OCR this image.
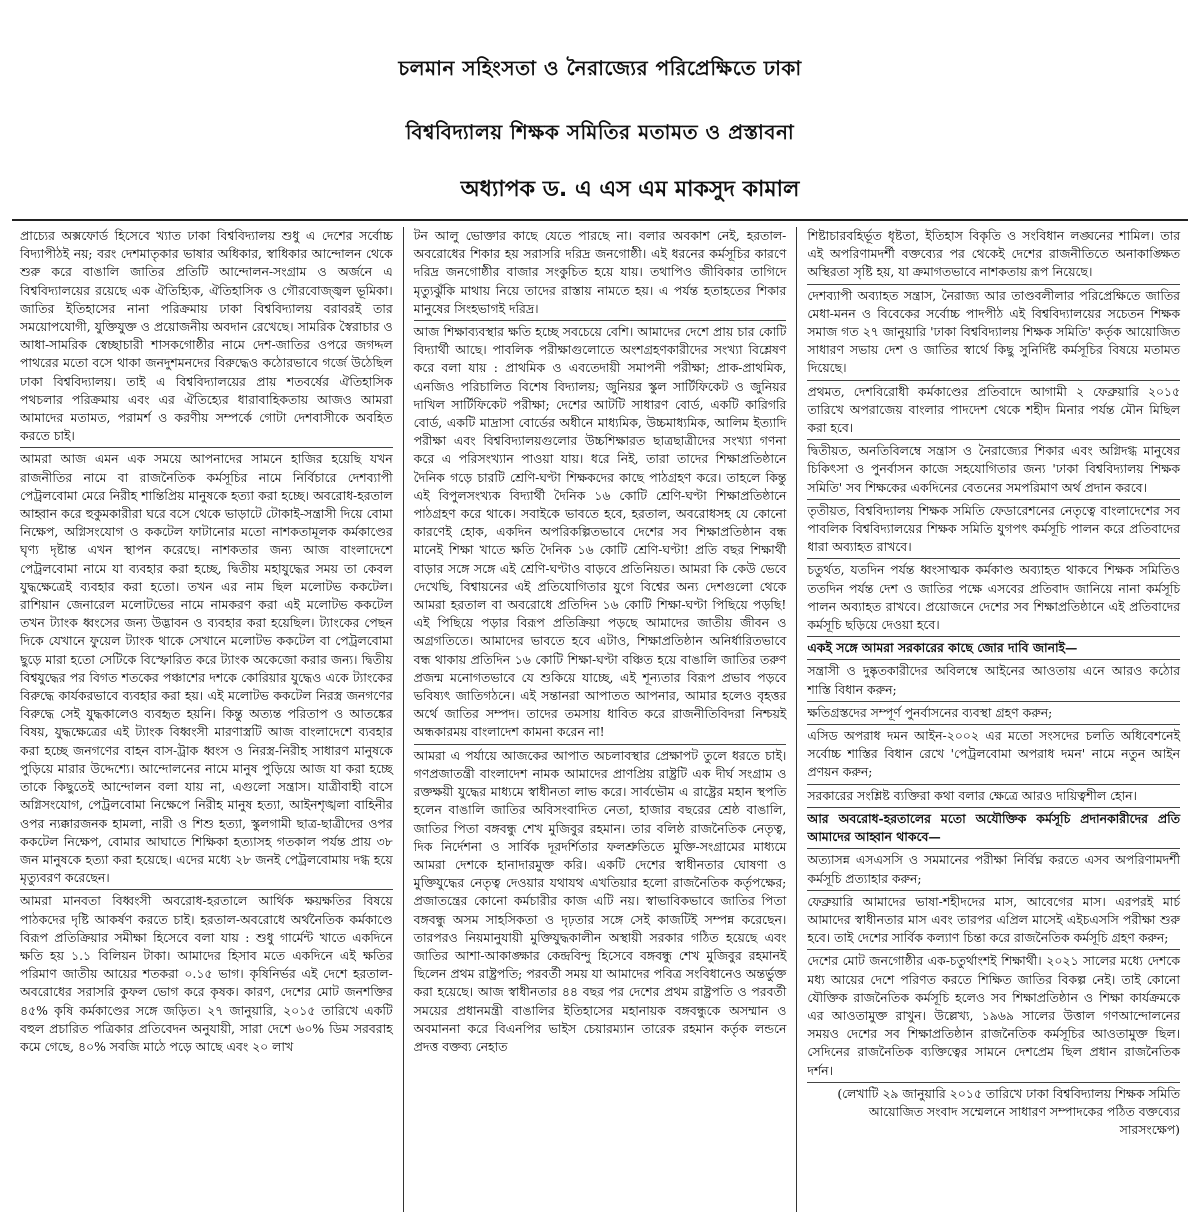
চলমান সহিংসতা ও নৈরাজ্যের পরিপ্রেক্ষিতে ঢাকা
বিশ্ববিদ্যালয় শিক্ষক সমিতির মতামত ও প্রস্তাবনা
অধ্যাপক ড. এ এস এম মাকসুদ কামাল

প্রাচ্যের অক্সফোর্ড হিসেবে খ্যাত ঢাকা বিশ্ববিদ্যালয় শুধু এ দেশের সর্বোচ্চ বিদ্যাপীঠই নয়; বরং দেশমাতৃকার ভাষার অধিকার, স্বাধিকার আন্দোলন থেকে শুরু করে বাঙালি জাতির প্রতিটি আন্দোলন-সংগ্রাম ও অর্জনে এ বিশ্ববিদ্যালয়ের রয়েছে এক ঐতিহ্যিক, ঐতিহাসিক ও গৌরবোজ্জ্বল ভূমিকা। জাতির ইতিহাসের নানা পরিক্রমায় ঢাকা বিশ্ববিদ্যালয় বরাবরই তার সময়োপযোগী, যুক্তিযুক্ত ও প্রয়োজনীয় অবদান রেখেছে। সামরিক স্বৈরাচার ও আধা-সামরিক স্বেচ্ছাচারী শাসকগোষ্ঠীর নামে দেশ-জাতির ওপরে জগদ্দল পাথরের মতো বসে থাকা জনদুশমনদের বিরুদ্ধেও কঠোরভাবে গর্জে উঠেছিল ঢাকা বিশ্ববিদ্যালয়। তাই এ বিশ্ববিদ্যালয়ের প্রায় শতবর্ষের ঐতিহাসিক পথচলার পরিক্রমায় এবং এর ঐতিহ্যের ধারাবাহিকতায় আজও আমরা আমাদের মতামত, পরামর্শ ও করণীয় সম্পর্কে গোটা দেশবাসীকে অবহিত করতে চাই।

আমরা আজ এমন এক সময়ে আপনাদের সামনে হাজির হয়েছি যখন রাজনীতির নামে বা রাজনৈতিক কর্মসূচির নামে নির্বিচারে দেশব্যাপী পেট্রলবোমা মেরে নিরীহ শান্তিপ্রিয় মানুষকে হত্যা করা হচ্ছে। অবরোধ-হরতাল আহ্বান করে হুকুমকারীরা ঘরে বসে থেকে ভাড়াটে টোকাই-সন্ত্রাসী দিয়ে বোমা নিক্ষেপ, অগ্নিসংযোগ ও ককটেল ফাটানোর মতো নাশকতামূলক কর্মকাণ্ডের ঘৃণ্য দৃষ্টান্ত এখন স্থাপন করেছে। নাশকতার জন্য আজ বাংলাদেশে পেট্রলবোমা নামে যা ব্যবহার করা হচ্ছে, দ্বিতীয় মহাযুদ্ধের সময় তা কেবল যুদ্ধক্ষেত্রেই ব্যবহার করা হতো। তখন এর নাম ছিল মলোটভ ককটেল। রাশিয়ান জেনারেল মলোটভের নামে নামকরণ করা এই মলোটভ ককটেল তখন ট্যাংক ধ্বংসের জন্য উদ্ভাবন ও ব্যবহার করা হয়েছিল। ট্যাংকের পেছন দিকে যেখানে ফুয়েল ট্যাংক থাকে সেখানে মলোটভ ককটেল বা পেট্রলবোমা ছুড়ে মারা হতো সেটিকে বিস্ফোরিত করে ট্যাংক অকেজো করার জন্য। দ্বিতীয় বিশ্বযুদ্ধের পর বিগত শতকের পঞ্চাশের দশকে কোরিয়ার যুদ্ধেও একে ট্যাংকের বিরুদ্ধে কার্যকরভাবে ব্যবহার করা হয়। এই মলোটভ ককটেল নিরস্ত্র জনগণের বিরুদ্ধে সেই যুদ্ধকালেও ব্যবহৃত হয়নি। কিন্তু অত্যন্ত পরিতাপ ও আতঙ্কের বিষয়, যুদ্ধক্ষেত্রের এই ট্যাংক বিধ্বংসী মারণাস্ত্রটি আজ বাংলাদেশে ব্যবহার করা হচ্ছে জনগণের বাহন বাস-ট্রাক ধ্বংস ও নিরস্ত্র-নিরীহ সাধারণ মানুষকে পুড়িয়ে মারার উদ্দেশ্যে। আন্দোলনের নামে মানুষ পুড়িয়ে আজ যা করা হচ্ছে তাকে কিছুতেই আন্দোলন বলা যায় না, এগুলো সন্ত্রাস। যাত্রীবাহী বাসে অগ্নিসংযোগ, পেট্রলবোমা নিক্ষেপে নিরীহ মানুষ হত্যা, আইনশৃঙ্খলা বাহিনীর ওপর ন্যক্কারজনক হামলা, নারী ও শিশু হত্যা, স্কুলগামী ছাত্র-ছাত্রীদের ওপর ককটেল নিক্ষেপ, বোমার আঘাতে শিক্ষিকা হত্যাসহ গতকাল পর্যন্ত প্রায় ৩৮ জন মানুষকে হত্যা করা হয়েছে। এদের মধ্যে ২৮ জনই পেট্রলবোমায় দগ্ধ হয়ে মৃত্যুবরণ করেছেন।

আমরা মানবতা বিধ্বংসী অবরোধ-হরতালে আর্থিক ক্ষয়ক্ষতির বিষয়ে পাঠকদের দৃষ্টি আকর্ষণ করতে চাই। হরতাল-অবরোধে অর্থনৈতিক কর্মকাণ্ডে বিরূপ প্রতিক্রিয়ার সমীক্ষা হিসেবে বলা যায় : শুধু গার্মেন্ট খাতে একদিনে ক্ষতি হয় ১.১ বিলিয়ন টাকা। আমাদের হিসাব মতে একদিনে এই ক্ষতির পরিমাণ জাতীয় আয়ের শতকরা ০.১৫ ভাগ। কৃষিনির্ভর এই দেশে হরতাল-অবরোধের সরাসরি কুফল ভোগ করে কৃষক। কারণ, দেশের মোট জনশক্তির ৪৫% কৃষি কর্মকাণ্ডের সঙ্গে জড়িত। ২৭ জানুয়ারি, ২০১৫ তারিখে একটি বহুল প্রচারিত পত্রিকার প্রতিবেদন অনুযায়ী, সারা দেশে ৬০% ডিম সরবরাহ কমে গেছে, ৪০% সবজি মাঠে পড়ে আছে এবং ২০ লাখ

টন আলু ভোক্তার কাছে যেতে পারছে না। বলার অবকাশ নেই, হরতাল-অবরোধের শিকার হয় সরাসরি দরিদ্র জনগোষ্ঠী। এই ধরনের কর্মসূচির কারণে দরিদ্র জনগোষ্ঠীর বাজার সংকুচিত হয়ে যায়। তথাপিও জীবিকার তাগিদে মৃত্যুঝুঁকি মাথায় নিয়ে তাদের রাস্তায় নামতে হয়। এ পর্যন্ত হতাহতের শিকার মানুষের সিংহভাগই দরিদ্র।

আজ শিক্ষাব্যবস্থার ক্ষতি হচ্ছে সবচেয়ে বেশি। আমাদের দেশে প্রায় চার কোটি বিদ্যার্থী আছে। পাবলিক পরীক্ষাগুলোতে অংশগ্রহণকারীদের সংখ্যা বিশ্লেষণ করে বলা যায় : প্রাথমিক ও এবতেদায়ী সমাপনী পরীক্ষা; প্রাক-প্রাথমিক, এনজিও পরিচালিত বিশেষ বিদ্যালয়; জুনিয়র স্কুল সার্টিফিকেট ও জুনিয়র দাখিল সার্টিফিকেট পরীক্ষা; দেশের আটটি সাধারণ বোর্ড, একটি কারিগরি বোর্ড, একটি মাদ্রাসা বোর্ডের অধীনে মাধ্যমিক, উচ্চমাধ্যমিক, আলিম ইত্যাদি পরীক্ষা এবং বিশ্ববিদ্যালয়গুলোর উচ্চশিক্ষারত ছাত্রছাত্রীদের সংখ্যা গণনা করে এ পরিসংখ্যান পাওয়া যায়। ধরে নিই, তারা তাদের শিক্ষাপ্রতিষ্ঠানে দৈনিক গড়ে চারটি শ্রেণি-ঘণ্টা শিক্ষকদের কাছে পাঠগ্রহণ করে। তাহলে কিন্তু এই বিপুলসংখ্যক বিদ্যার্থী দৈনিক ১৬ কোটি শ্রেণি-ঘণ্টা শিক্ষাপ্রতিষ্ঠানে পাঠগ্রহণ করে থাকে। সবাইকে ভাবতে হবে, হরতাল, অবরোধসহ যে কোনো কারণেই হোক, একদিন অপরিকল্পিতভাবে দেশের সব শিক্ষাপ্রতিষ্ঠান বন্ধ মানেই শিক্ষা খাতে ক্ষতি দৈনিক ১৬ কোটি শ্রেণি-ঘণ্টা! প্রতি বছর শিক্ষার্থী বাড়ার সঙ্গে সঙ্গে এই শ্রেণি-ঘণ্টাও বাড়বে প্রতিনিয়ত। আমরা কি কেউ ভেবে দেখেছি, বিশ্বায়নের এই প্রতিযোগিতার যুগে বিশ্বের অন্য দেশগুলো থেকে আমরা হরতাল বা অবরোধে প্রতিদিন ১৬ কোটি শিক্ষা-ঘণ্টা পিছিয়ে পড়ছি! এই পিছিয়ে পড়ার বিরূপ প্রতিক্রিয়া পড়ছে আমাদের জাতীয় জীবন ও অগ্রগতিতে। আমাদের ভাবতে হবে এটাও, শিক্ষাপ্রতিষ্ঠান অনির্ধারিতভাবে বন্ধ থাকায় প্রতিদিন ১৬ কোটি শিক্ষা-ঘণ্টা বঞ্চিত হয়ে বাঙালি জাতির তরুণ প্রজন্ম মনোগতভাবে যে শুকিয়ে যাচ্ছে, এই শূন্যতার বিরূপ প্রভাব পড়বে ভবিষ্যৎ জাতিগঠনে। এই সন্তানরা আপাতত আপনার, আমার হলেও বৃহত্তর অর্থে জাতির সম্পদ। তাদের তমসায় ধাবিত করে রাজনীতিবিদরা নিশ্চয়ই অন্ধকারময় বাংলাদেশ কামনা করেন না!

আমরা এ পর্যায়ে আজকের আপাত অচলাবস্থার প্রেক্ষাপট তুলে ধরতে চাই। গণপ্রজাতন্ত্রী বাংলাদেশ নামক আমাদের প্রাণপ্রিয় রাষ্ট্রটি এক দীর্ঘ সংগ্রাম ও রক্তক্ষয়ী যুদ্ধের মাধ্যমে স্বাধীনতা লাভ করে। সার্বভৌম এ রাষ্ট্রের মহান স্থপতি হলেন বাঙালি জাতির অবিসংবাদিত নেতা, হাজার বছরের শ্রেষ্ঠ বাঙালি, জাতির পিতা বঙ্গবন্ধু শেখ মুজিবুর রহমান। তার বলিষ্ঠ রাজনৈতিক নেতৃত্ব, দিক নির্দেশনা ও সার্বিক দূরদর্শিতার ফলশ্রুতিতে মুক্তি-সংগ্রামের মাধ্যমে আমরা দেশকে হানাদারমুক্ত করি। একটি দেশের স্বাধীনতার ঘোষণা ও মুক্তিযুদ্ধের নেতৃত্ব দেওয়ার যথাযথ এখতিয়ার হলো রাজনৈতিক কর্তৃপক্ষের; প্রজাতন্ত্রের কোনো কর্মচারীর কাজ এটি নয়। স্বাভাবিকভাবে জাতির পিতা বঙ্গবন্ধু অসম সাহসিকতা ও দৃঢ়তার সঙ্গে সেই কাজটিই সম্পন্ন করেছেন। তারপরও নিয়মানুযায়ী মুক্তিযুদ্ধকালীন অস্থায়ী সরকার গঠিত হয়েছে এবং জাতির আশা-আকাঙ্ক্ষার কেন্দ্রবিন্দু হিসেবে বঙ্গবন্ধু শেখ মুজিবুর রহমানই ছিলেন প্রথম রাষ্ট্রপতি; পরবর্তী সময় যা আমাদের পবিত্র সংবিধানেও অন্তর্ভুক্ত করা হয়েছে। আজ স্বাধীনতার ৪৪ বছর পর দেশের প্রথম রাষ্ট্রপতি ও পরবর্তী সময়ের প্রধানমন্ত্রী বাঙালির ইতিহাসের মহানায়ক বঙ্গবন্ধুকে অসম্মান ও অবমাননা করে বিএনপির ভাইস চেয়ারম্যান তারেক রহমান কর্তৃক লন্ডনে প্রদত্ত বক্তব্য নেহাত

শিষ্টাচারবহির্ভূত ধৃষ্টতা, ইতিহাস বিকৃতি ও সংবিধান লঙ্ঘনের শামিল। তার এই অপরিণামদর্শী বক্তব্যের পর থেকেই দেশের রাজনীতিতে অনাকাঙ্ক্ষিত অস্থিরতা সৃষ্টি হয়, যা ক্রমাগতভাবে নাশকতায় রূপ নিয়েছে।

দেশব্যাপী অব্যাহত সন্ত্রাস, নৈরাজ্য আর তাণ্ডবলীলার পরিপ্রেক্ষিতে জাতির মেধা-মনন ও বিবেকের সর্বোচ্চ পাদপীঠ এই বিশ্ববিদ্যালয়ের সচেতন শিক্ষক সমাজ গত ২৭ জানুয়ারি 'ঢাকা বিশ্ববিদ্যালয় শিক্ষক সমিতি' কর্তৃক আয়োজিত সাধারণ সভায় দেশ ও জাতির স্বার্থে কিছু সুনির্দিষ্ট কর্মসূচির বিষয়ে মতামত দিয়েছে।

প্রথমত, দেশবিরোধী কর্মকাণ্ডের প্রতিবাদে আগামী ২ ফেব্রুয়ারি ২০১৫ তারিখে অপরাজেয় বাংলার পাদদেশ থেকে শহীদ মিনার পর্যন্ত মৌন মিছিল করা হবে।

দ্বিতীয়ত, অনতিবিলম্বে সন্ত্রাস ও নৈরাজ্যের শিকার এবং অগ্নিদগ্ধ মানুষের চিকিৎসা ও পুনর্বাসন কাজে সহযোগিতার জন্য 'ঢাকা বিশ্ববিদ্যালয় শিক্ষক সমিতি' সব শিক্ষকের একদিনের বেতনের সমপরিমাণ অর্থ প্রদান করবে।

তৃতীয়ত, বিশ্ববিদ্যালয় শিক্ষক সমিতি ফেডারেশনের নেতৃত্বে বাংলাদেশের সব পাবলিক বিশ্ববিদ্যালয়ের শিক্ষক সমিতি যুগপৎ কর্মসূচি পালন করে প্রতিবাদের ধারা অব্যাহত রাখবে।

চতুর্থত, যতদিন পর্যন্ত ধ্বংসাত্মক কর্মকাণ্ড অব্যাহত থাকবে শিক্ষক সমিতিও ততদিন পর্যন্ত দেশ ও জাতির পক্ষে এসবের প্রতিবাদ জানিয়ে নানা কর্মসূচি পালন অব্যাহত রাখবে। প্রয়োজনে দেশের সব শিক্ষাপ্রতিষ্ঠানে এই প্রতিবাদের কর্মসূচি ছড়িয়ে দেওয়া হবে।

একই সঙ্গে আমরা সরকারের কাছে জোর দাবি জানাই—

সন্ত্রাসী ও দুষ্কৃতকারীদের অবিলম্বে আইনের আওতায় এনে আরও কঠোর শাস্তি বিধান করুন;

ক্ষতিগ্রস্তদের সম্পূর্ণ পুনর্বাসনের ব্যবস্থা গ্রহণ করুন;

এসিড অপরাধ দমন আইন-২০০২ এর মতো সংসদের চলতি অধিবেশনেই সর্বোচ্চ শাস্তির বিধান রেখে 'পেট্রলবোমা অপরাধ দমন' নামে নতুন আইন প্রণয়ন করুন;

সরকারের সংশ্লিষ্ট ব্যক্তিরা কথা বলার ক্ষেত্রে আরও দায়িত্বশীল হোন।

আর অবরোধ-হরতালের মতো অযৌক্তিক কর্মসূচি প্রদানকারীদের প্রতি আমাদের আহ্বান থাকবে—

অত্যাসন্ন এসএসসি ও সমমানের পরীক্ষা নির্বিঘ্ন করতে এসব অপরিণামদর্শী কর্মসূচি প্রত্যাহার করুন;

ফেব্রুয়ারি আমাদের ভাষা-শহীদদের মাস, আবেগের মাস। এরপরই মার্চ আমাদের স্বাধীনতার মাস এবং তারপর এপ্রিল মাসেই এইচএসসি পরীক্ষা শুরু হবে। তাই দেশের সার্বিক কল্যাণ চিন্তা করে রাজনৈতিক কর্মসূচি গ্রহণ করুন;

দেশের মোট জনগোষ্ঠীর এক-চতুর্থাংশই শিক্ষার্থী। ২০২১ সালের মধ্যে দেশকে মধ্য আয়ের দেশে পরিণত করতে শিক্ষিত জাতির বিকল্প নেই। তাই কোনো যৌক্তিক রাজনৈতিক কর্মসূচি হলেও সব শিক্ষাপ্রতিষ্ঠান ও শিক্ষা কার্যক্রমকে এর আওতামুক্ত রাখুন। উল্লেখ্য, ১৯৬৯ সালের উত্তাল গণআন্দোলনের সময়ও দেশের সব শিক্ষাপ্রতিষ্ঠান রাজনৈতিক কর্মসূচির আওতামুক্ত ছিল। সেদিনের রাজনৈতিক ব্যক্তিত্বের সামনে দেশপ্রেম ছিল প্রধান রাজনৈতিক দর্শন।

(লেখাটি ২৯ জানুয়ারি ২০১৫ তারিখে ঢাকা বিশ্ববিদ্যালয় শিক্ষক সমিতি আয়োজিত সংবাদ সম্মেলনে সাধারণ সম্পাদকের পঠিত বক্তব্যের সারসংক্ষেপ)
